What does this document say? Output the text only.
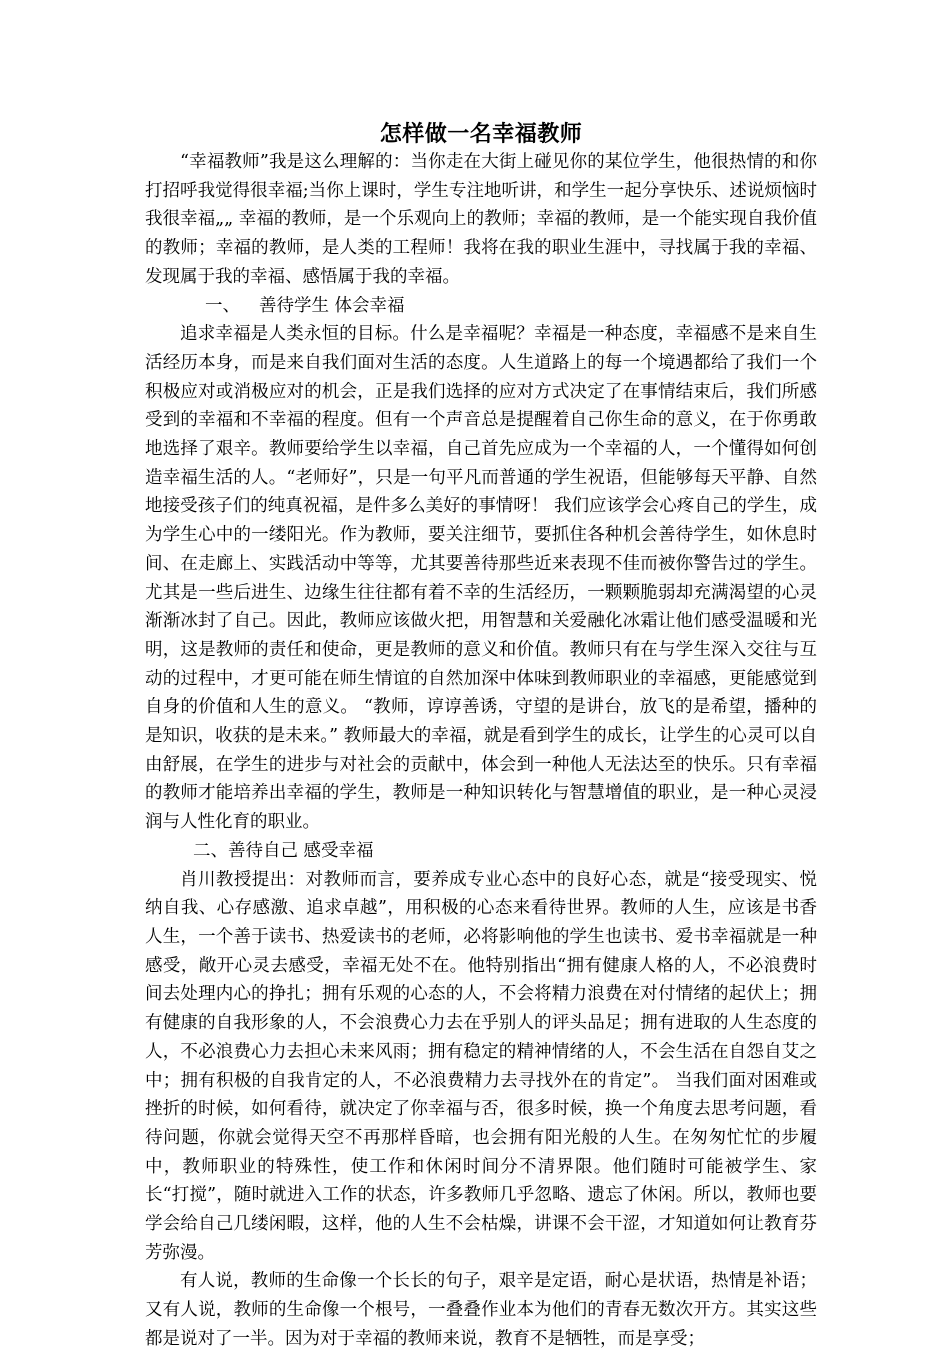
怎样做一名幸福教师

“幸福教师”我是这么理解的：当你走在大街上碰见你的某位学生，他很热情的和你打招呼我觉得很幸福;当你上课时，学生专注地听讲，和学生一起分享快乐、述说烦恼时我很幸福„„ 幸福的教师，是一个乐观向上的教师；幸福的教师，是一个能实现自我价值的教师；幸福的教师，是人类的工程师！我将在我的职业生涯中，寻找属于我的幸福、发现属于我的幸福、感悟属于我的幸福。

一、 善待学生 体会幸福

追求幸福是人类永恒的目标。什么是幸福呢？幸福是一种态度，幸福感不是来自生活经历本身，而是来自我们面对生活的态度。人生道路上的每一个境遇都给了我们一个积极应对或消极应对的机会，正是我们选择的应对方式决定了在事情结束后，我们所感受到的幸福和不幸福的程度。但有一个声音总是提醒着自己你生命的意义，在于你勇敢地选择了艰辛。教师要给学生以幸福，自己首先应成为一个幸福的人，一个懂得如何创造幸福生活的人。“老师好”，只是一句平凡而普通的学生祝语，但能够每天平静、自然地接受孩子们的纯真祝福，是件多么美好的事情呀！ 我们应该学会心疼自己的学生，成为学生心中的一缕阳光。作为教师，要关注细节，要抓住各种机会善待学生，如休息时间、在走廊上、实践活动中等等，尤其要善待那些近来表现不佳而被你警告过的学生。尤其是一些后进生、边缘生往往都有着不幸的生活经历，一颗颗脆弱却充满渴望的心灵渐渐冰封了自己。因此，教师应该做火把，用智慧和关爱融化冰霜让他们感受温暖和光明，这是教师的责任和使命，更是教师的意义和价值。教师只有在与学生深入交往与互动的过程中，才更可能在师生情谊的自然加深中体味到教师职业的幸福感，更能感觉到自身的价值和人生的意义。 “教师，谆谆善诱，守望的是讲台，放飞的是希望，播种的是知识，收获的是未来。” 教师最大的幸福，就是看到学生的成长，让学生的心灵可以自由舒展，在学生的进步与对社会的贡献中，体会到一种他人无法达至的快乐。只有幸福的教师才能培养出幸福的学生，教师是一种知识转化与智慧增值的职业，是一种心灵浸润与人性化育的职业。

二、善待自己 感受幸福

肖川教授提出：对教师而言，要养成专业心态中的良好心态，就是“接受现实、悦纳自我、心存感激、追求卓越”，用积极的心态来看待世界。教师的人生，应该是书香人生，一个善于读书、热爱读书的老师，必将影响他的学生也读书、爱书幸福就是一种感受，敞开心灵去感受，幸福无处不在。他特别指出“拥有健康人格的人，不必浪费时间去处理内心的挣扎；拥有乐观的心态的人，不会将精力浪费在对付情绪的起伏上；拥有健康的自我形象的人，不会浪费心力去在乎别人的评头品足；拥有进取的人生态度的人，不必浪费心力去担心未来风雨；拥有稳定的精神情绪的人，不会生活在自怨自艾之中；拥有积极的自我肯定的人，不必浪费精力去寻找外在的肯定”。 当我们面对困难或挫折的时候，如何看待，就决定了你幸福与否，很多时候，换一个角度去思考问题，看待问题，你就会觉得天空不再那样昏暗，也会拥有阳光般的人生。在匆匆忙忙的步履中，教师职业的特殊性，使工作和休闲时间分不清界限。他们随时可能被学生、家长“打搅”，随时就进入工作的状态，许多教师几乎忽略、遗忘了休闲。所以，教师也要学会给自己几缕闲暇，这样，他的人生不会枯燥，讲课不会干涩，才知道如何让教育芬芳弥漫。

有人说，教师的生命像一个长长的句子，艰辛是定语，耐心是状语，热情是补语；又有人说，教师的生命像一个根号，一叠叠作业本为他们的青春无数次开方。其实这些都是说对了一半。因为对于幸福的教师来说，教育不是牺牲，而是享受；
